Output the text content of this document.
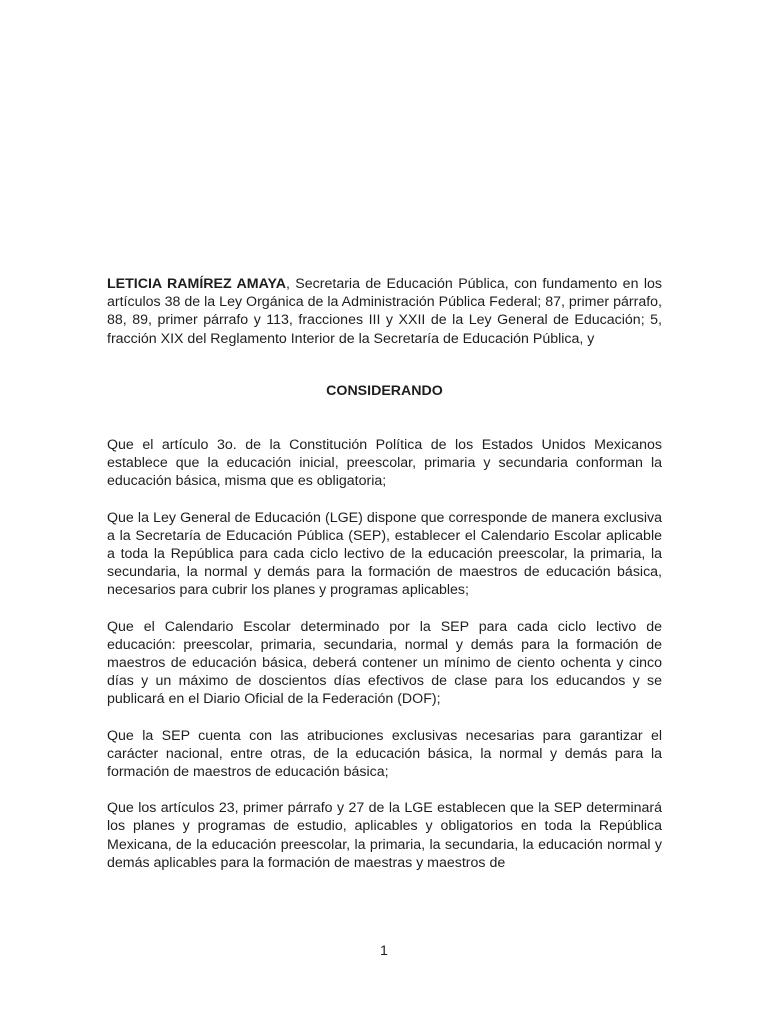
LETICIA RAMÍREZ AMAYA, Secretaria de Educación Pública, con fundamento en los artículos 38 de la Ley Orgánica de la Administración Pública Federal; 87, primer párrafo, 88, 89, primer párrafo y 113, fracciones III y XXII de la Ley General de Educación; 5, fracción XIX del Reglamento Interior de la Secretaría de Educación Pública, y

CONSIDERANDO

Que el artículo 3o. de la Constitución Política de los Estados Unidos Mexicanos establece que la educación inicial, preescolar, primaria y secundaria conforman la educación básica, misma que es obligatoria;

Que la Ley General de Educación (LGE) dispone que corresponde de manera exclusiva a la Secretaría de Educación Pública (SEP), establecer el Calendario Escolar aplicable a toda la República para cada ciclo lectivo de la educación preescolar, la primaria, la secundaria, la normal y demás para la formación de maestros de educación básica, necesarios para cubrir los planes y programas aplicables;

Que el Calendario Escolar determinado por la SEP para cada ciclo lectivo de educación: preescolar, primaria, secundaria, normal y demás para la formación de maestros de educación básica, deberá contener un mínimo de ciento ochenta y cinco días y un máximo de doscientos días efectivos de clase para los educandos y se publicará en el Diario Oficial de la Federación (DOF);

Que la SEP cuenta con las atribuciones exclusivas necesarias para garantizar el carácter nacional, entre otras, de la educación básica, la normal y demás para la formación de maestros de educación básica;

Que los artículos 23, primer párrafo y 27 de la LGE establecen que la SEP determinará los planes y programas de estudio, aplicables y obligatorios en toda la República Mexicana, de la educación preescolar, la primaria, la secundaria, la educación normal y demás aplicables para la formación de maestras y maestros de

1
